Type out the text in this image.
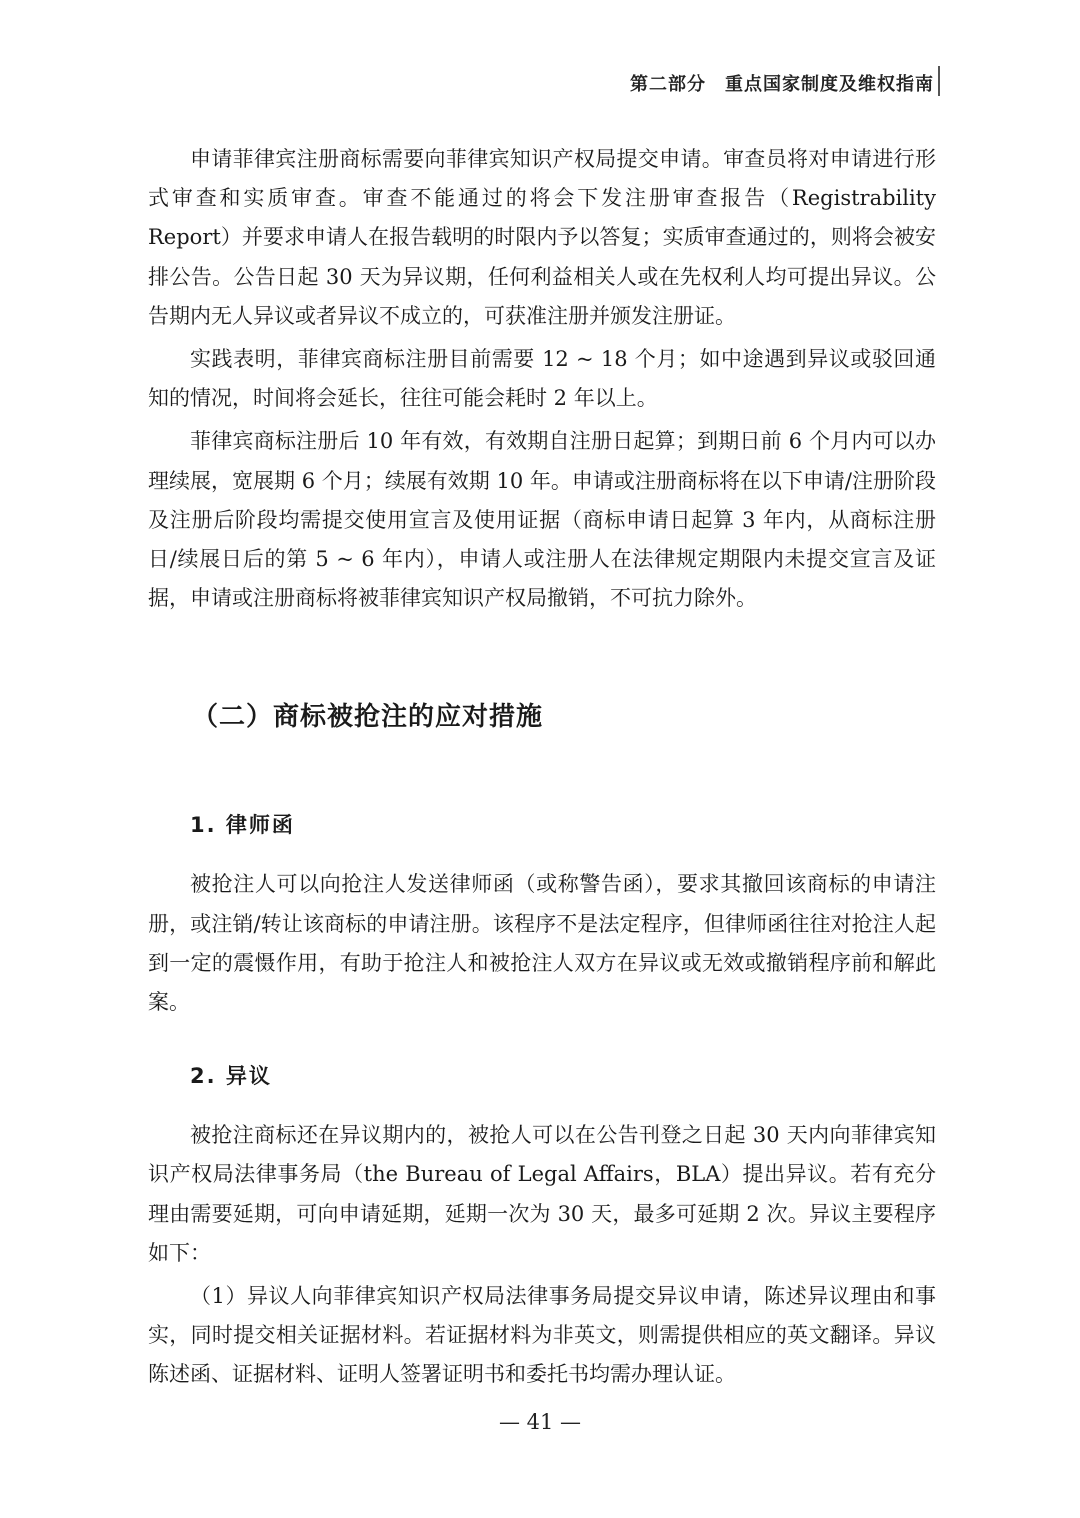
第二部分　重点国家制度及维权指南

申请菲律宾注册商标需要向菲律宾知识产权局提交申请。审查员将对申请进行形式审查和实质审查。审查不能通过的将会下发注册审查报告（Registrability Report）并要求申请人在报告载明的时限内予以答复；实质审查通过的，则将会被安排公告。公告日起 30 天为异议期，任何利益相关人或在先权利人均可提出异议。公告期内无人异议或者异议不成立的，可获准注册并颁发注册证。

实践表明，菲律宾商标注册目前需要 12 ~ 18 个月；如中途遇到异议或驳回通知的情况，时间将会延长，往往可能会耗时 2 年以上。

菲律宾商标注册后 10 年有效，有效期自注册日起算；到期日前 6 个月内可以办理续展，宽展期 6 个月；续展有效期 10 年。申请或注册商标将在以下申请/注册阶段及注册后阶段均需提交使用宣言及使用证据（商标申请日起算 3 年内，从商标注册日/续展日后的第 5 ~ 6 年内），申请人或注册人在法律规定期限内未提交宣言及证据，申请或注册商标将被菲律宾知识产权局撤销，不可抗力除外。

（二）商标被抢注的应对措施
1. 律师函

被抢注人可以向抢注人发送律师函（或称警告函），要求其撤回该商标的申请注册，或注销/转让该商标的申请注册。该程序不是法定程序，但律师函往往对抢注人起到一定的震慑作用，有助于抢注人和被抢注人双方在异议或无效或撤销程序前和解此案。

2. 异议

被抢注商标还在异议期内的，被抢人可以在公告刊登之日起 30 天内向菲律宾知识产权局法律事务局（the Bureau of Legal Affairs，BLA）提出异议。若有充分理由需要延期，可向申请延期，延期一次为 30 天，最多可延期 2 次。异议主要程序如下：

（1）异议人向菲律宾知识产权局法律事务局提交异议申请，陈述异议理由和事实，同时提交相关证据材料。若证据材料为非英文，则需提供相应的英文翻译。异议陈述函、证据材料、证明人签署证明书和委托书均需办理认证。

— 41 —
